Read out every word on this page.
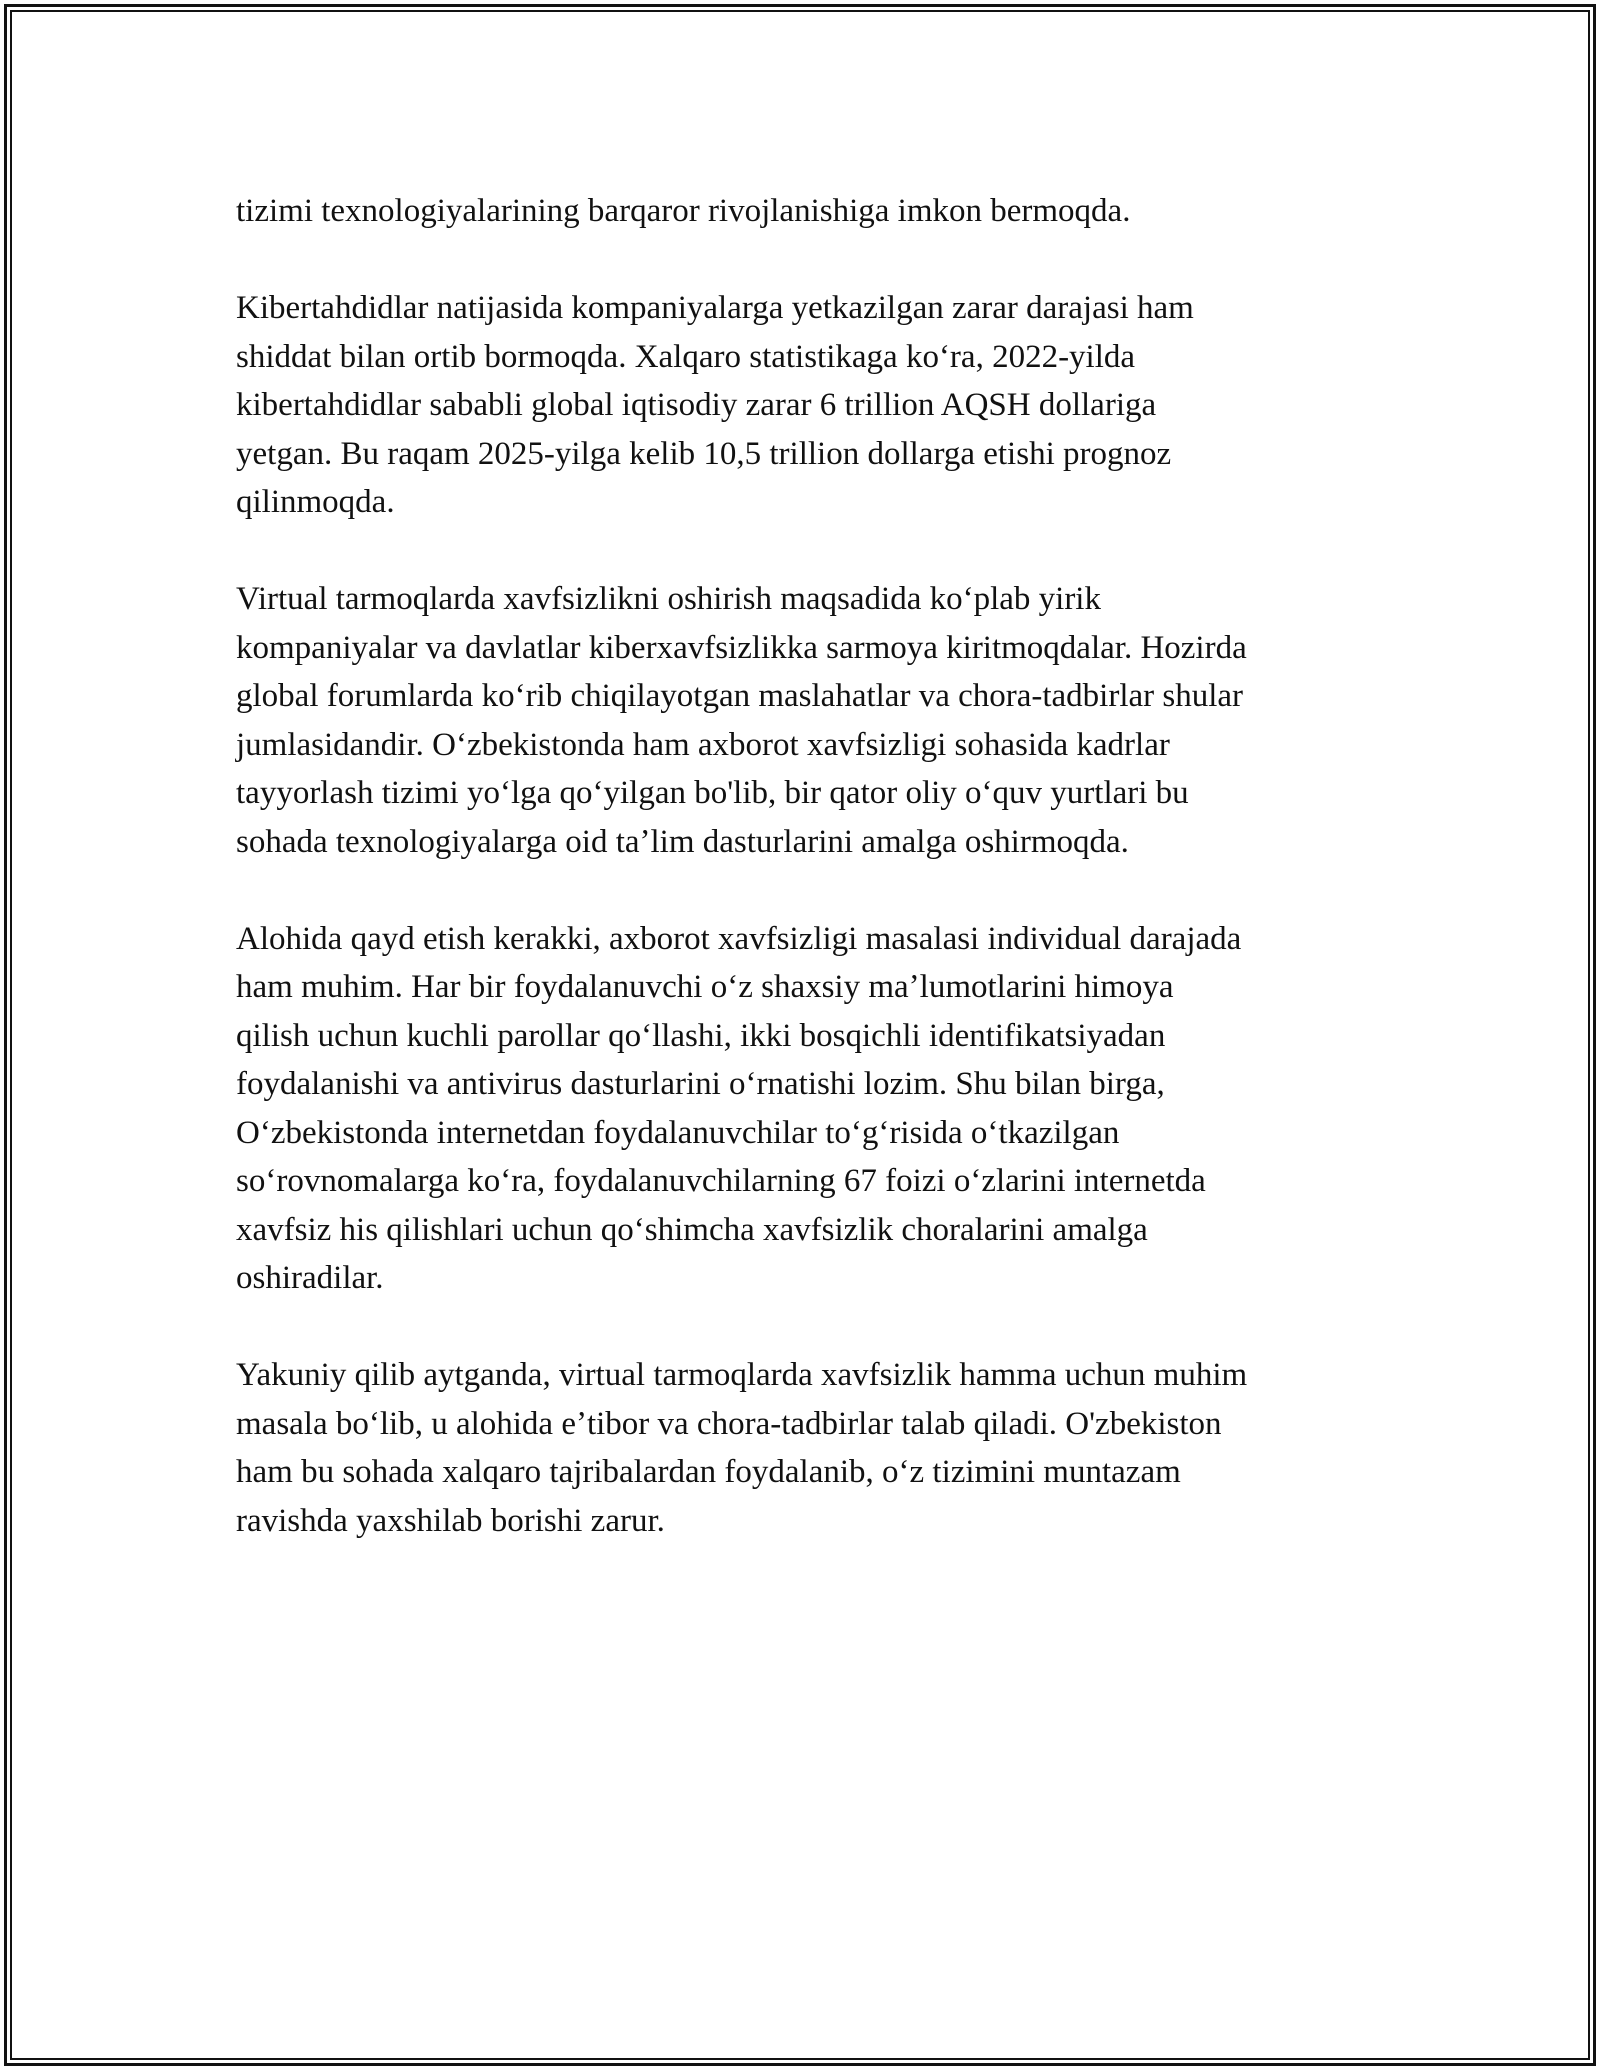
tizimi texnologiyalarining barqaror rivojlanishiga imkon bermoqda.

Kibertahdidlar natijasida kompaniyalarga yetkazilgan zarar darajasi ham
shiddat bilan ortib bormoqda. Xalqaro statistikaga koʻra, 2022-yilda
kibertahdidlar sababli global iqtisodiy zarar 6 trillion AQSH dollariga
yetgan. Bu raqam 2025-yilga kelib 10,5 trillion dollarga etishi prognoz
qilinmoqda.

Virtual tarmoqlarda xavfsizlikni oshirish maqsadida koʻplab yirik
kompaniyalar va davlatlar kiberxavfsizlikka sarmoya kiritmoqdalar. Hozirda
global forumlarda koʻrib chiqilayotgan maslahatlar va chora-tadbirlar shular
jumlasidandir. Oʻzbekistonda ham axborot xavfsizligi sohasida kadrlar
tayyorlash tizimi yoʻlga qoʻyilgan bo'lib, bir qator oliy oʻquv yurtlari bu
sohada texnologiyalarga oid taʼlim dasturlarini amalga oshirmoqda.

Alohida qayd etish kerakki, axborot xavfsizligi masalasi individual darajada
ham muhim. Har bir foydalanuvchi oʻz shaxsiy maʼlumotlarini himoya
qilish uchun kuchli parollar qoʻllashi, ikki bosqichli identifikatsiyadan
foydalanishi va antivirus dasturlarini oʻrnatishi lozim. Shu bilan birga,
Oʻzbekistonda internetdan foydalanuvchilar toʻgʻrisida oʻtkazilgan
soʻrovnomalarga koʻra, foydalanuvchilarning 67 foizi oʻzlarini internetda
xavfsiz his qilishlari uchun qoʻshimcha xavfsizlik choralarini amalga
oshiradilar.

Yakuniy qilib aytganda, virtual tarmoqlarda xavfsizlik hamma uchun muhim
masala boʻlib, u alohida eʼtibor va chora-tadbirlar talab qiladi. O'zbekiston
ham bu sohada xalqaro tajribalardan foydalanib, oʻz tizimini muntazam
ravishda yaxshilab borishi zarur.
